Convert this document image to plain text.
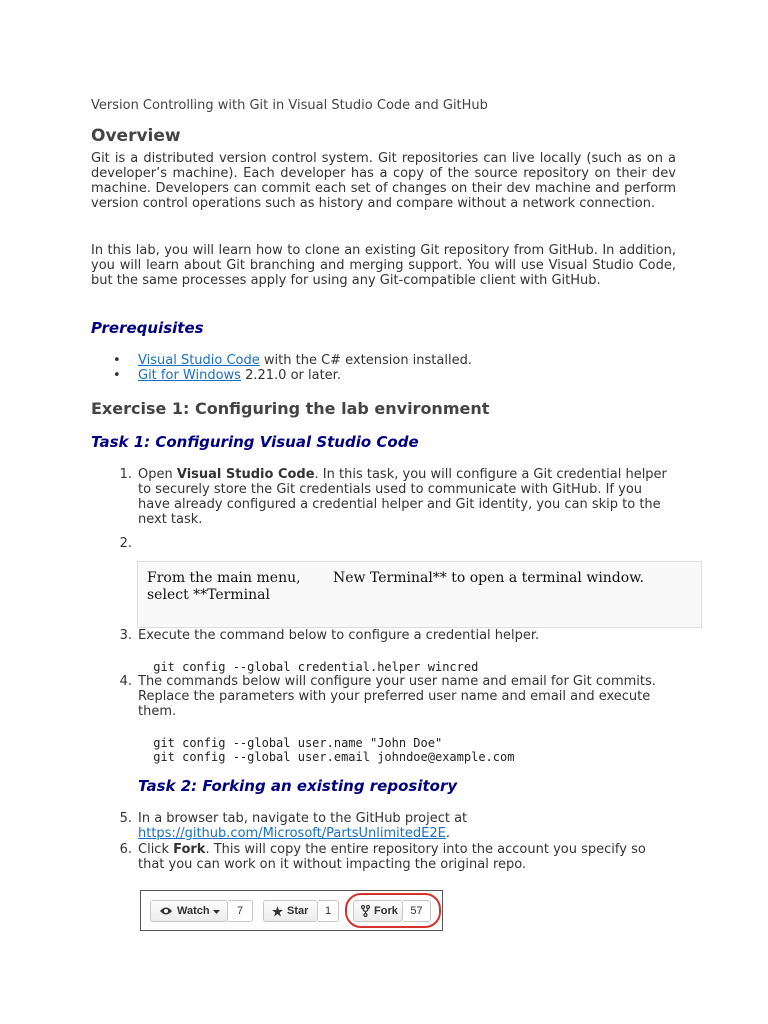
Version Controlling with Git in Visual Studio Code and GitHub
Overview

Git is a distributed version control system. Git repositories can live locally (such as on a developer’s machine). Each developer has a copy of the source repository on their dev machine. Developers can commit each set of changes on their dev machine and perform version control operations such as history and compare without a network connection.

In this lab, you will learn how to clone an existing Git repository from GitHub. In addition, you will learn about Git branching and merging support. You will use Visual Studio Code, but the same processes apply for using any Git-compatible client with GitHub.

Prerequisites
• Visual Studio Code with the C# extension installed.
• Git for Windows 2.21.0 or later.
Exercise 1: Configuring the lab environment
Task 1: Configuring Visual Studio Code
1. Open Visual Studio Code. In this task, you will configure a Git credential helper to securely store the Git credentials used to communicate with GitHub. If you have already configured a credential helper and Git identity, you can skip to the next task.
2.
3. Execute the command below to configure a credential helper.
git config --global credential.helper wincred
4. The commands below will configure your user name and email for Git commits. Replace the parameters with your preferred user name and email and execute them.
git config --global user.name "John Doe"
git config --global user.email johndoe@example.com
Task 2: Forking an existing repository
5. In a browser tab, navigate to the GitHub project at https://github.com/Microsoft/PartsUnlimitedE2E.
6. Click Fork. This will copy the entire repository into the account you specify so that you can work on it without impacting the original repo.
From the main menu, select **Terminal
New Terminal** to open a terminal window.
Watch	7	Star	1	Fork	57
